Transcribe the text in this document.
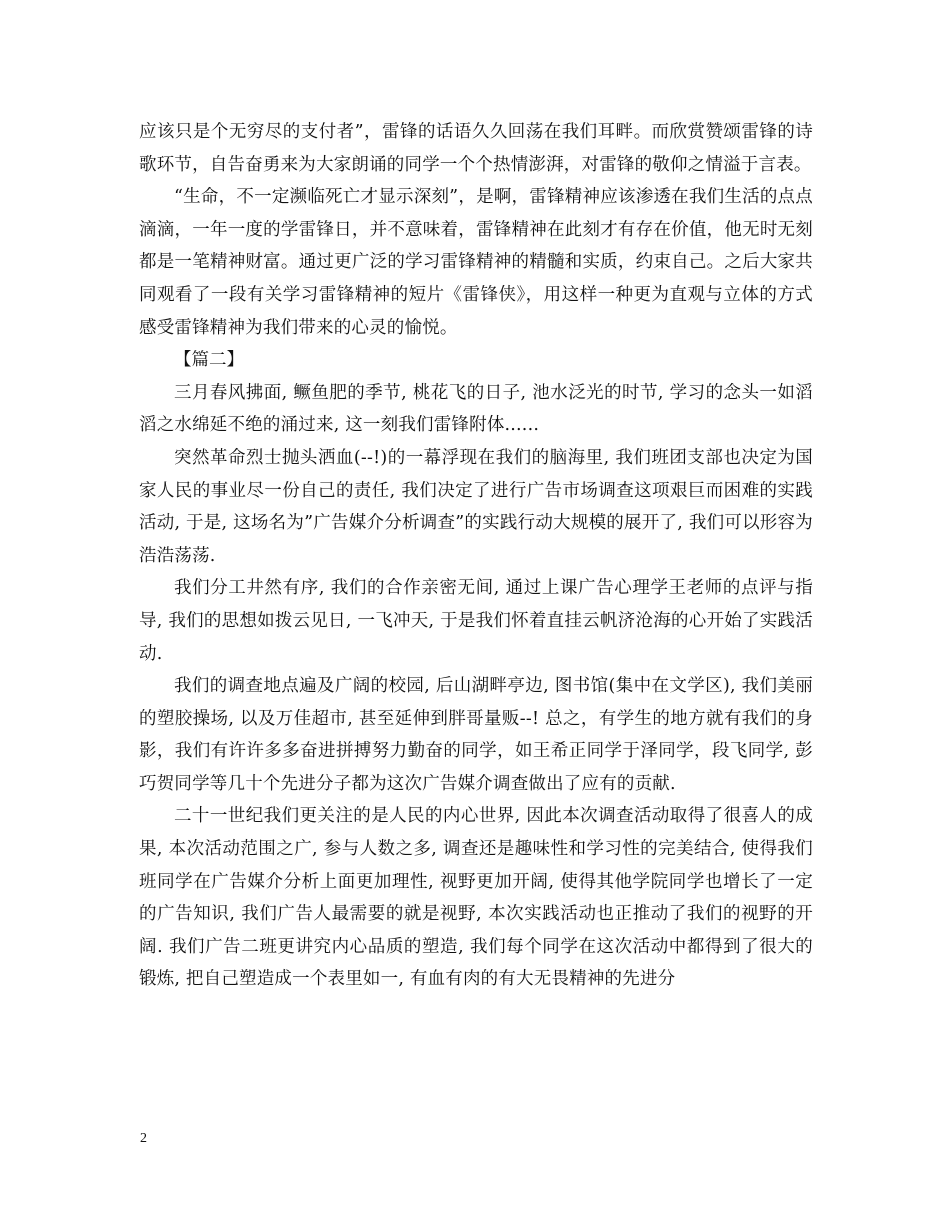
应该只是个无穷尽的支付者”，雷锋的话语久久回荡在我们耳畔。而欣赏赞颂雷锋的诗歌环节，自告奋勇来为大家朗诵的同学一个个热情澎湃，对雷锋的敬仰之情溢于言表。

“生命，不一定濒临死亡才显示深刻”，是啊，雷锋精神应该渗透在我们生活的点点滴滴，一年一度的学雷锋日，并不意味着，雷锋精神在此刻才有存在价值，他无时无刻都是一笔精神财富。通过更广泛的学习雷锋精神的精髓和实质，约束自己。之后大家共同观看了一段有关学习雷锋精神的短片《雷锋侠》，用这样一种更为直观与立体的方式感受雷锋精神为我们带来的心灵的愉悦。

【篇二】

三月春风拂面, 鳜鱼肥的季节, 桃花飞的日子, 池水泛光的时节, 学习的念头一如滔滔之水绵延不绝的涌过来, 这一刻我们雷锋附体......

突然革命烈士抛头洒血(--!)的一幕浮现在我们的脑海里, 我们班团支部也决定为国家人民的事业尽一份自己的责任, 我们决定了进行广告市场调查这项艰巨而困难的实践活动, 于是, 这场名为”广告媒介分析调查”的实践行动大规模的展开了, 我们可以形容为浩浩荡荡.

我们分工井然有序, 我们的合作亲密无间, 通过上课广告心理学王老师的点评与指导, 我们的思想如拨云见日, 一飞冲天, 于是我们怀着直挂云帆济沧海的心开始了实践活动.

我们的调查地点遍及广阔的校园, 后山湖畔亭边, 图书馆(集中在文学区), 我们美丽的塑胶操场, 以及万佳超市, 甚至延伸到胖哥量贩--! 总之，有学生的地方就有我们的身影，我们有许许多多奋进拼搏努力勤奋的同学，如王希正同学于泽同学，段飞同学, 彭巧贺同学等几十个先进分子都为这次广告媒介调查做出了应有的贡献.

二十一世纪我们更关注的是人民的内心世界, 因此本次调查活动取得了很喜人的成果, 本次活动范围之广, 参与人数之多, 调查还是趣味性和学习性的完美结合, 使得我们班同学在广告媒介分析上面更加理性, 视野更加开阔, 使得其他学院同学也增长了一定的广告知识, 我们广告人最需要的就是视野, 本次实践活动也正推动了我们的视野的开阔. 我们广告二班更讲究内心品质的塑造, 我们每个同学在这次活动中都得到了很大的锻炼, 把自己塑造成一个表里如一, 有血有肉的有大无畏精神的先进分

2
